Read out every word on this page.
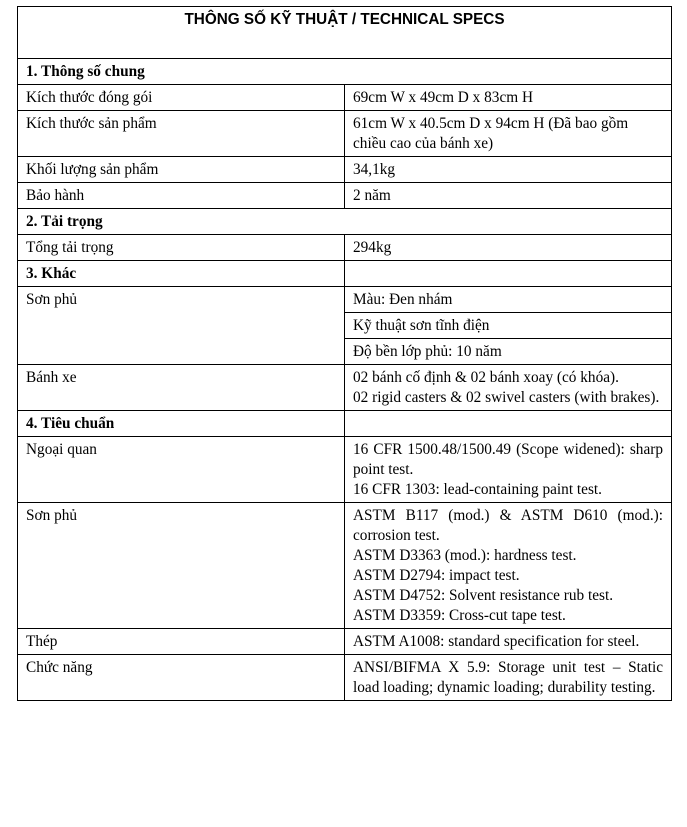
THÔNG SỐ KỸ THUẬT / TECHNICAL SPECS	
1. Thông số chung	
Kích thước đóng gói	69cm W x 49cm D x 83cm H
Kích thước sản phẩm	61cm W x 40.5cm D x 94cm H (Đã bao gồm chiều cao của bánh xe)
Khối lượng sản phẩm	34,1kg
Bảo hành	2 năm
2. Tải trọng	
Tổng tải trọng	294kg
3. Khác	
Sơn phủ	Màu: Đen nhám
	Kỹ thuật sơn tĩnh điện
	Độ bền lớp phủ: 10 năm
Bánh xe	02 bánh cố định & 02 bánh xoay (có khóa).
02 rigid casters & 02 swivel casters (with brakes).

4. Tiêu chuẩn	
Ngoại quan	16 CFR 1500.48/1500.49 (Scope widened): sharp point test.
16 CFR 1303: lead-containing paint test.

Sơn phủ	ASTM B117 (mod.) & ASTM D610 (mod.): corrosion test.
ASTM D3363 (mod.): hardness test.
ASTM D2794: impact test.
ASTM D4752: Solvent resistance rub test.
ASTM D3359: Cross-cut tape test.

Thép	ASTM A1008: standard specification for steel.

Chức năng	ANSI/BIFMA X 5.9: Storage unit test – Static load loading; dynamic loading; durability testing.
